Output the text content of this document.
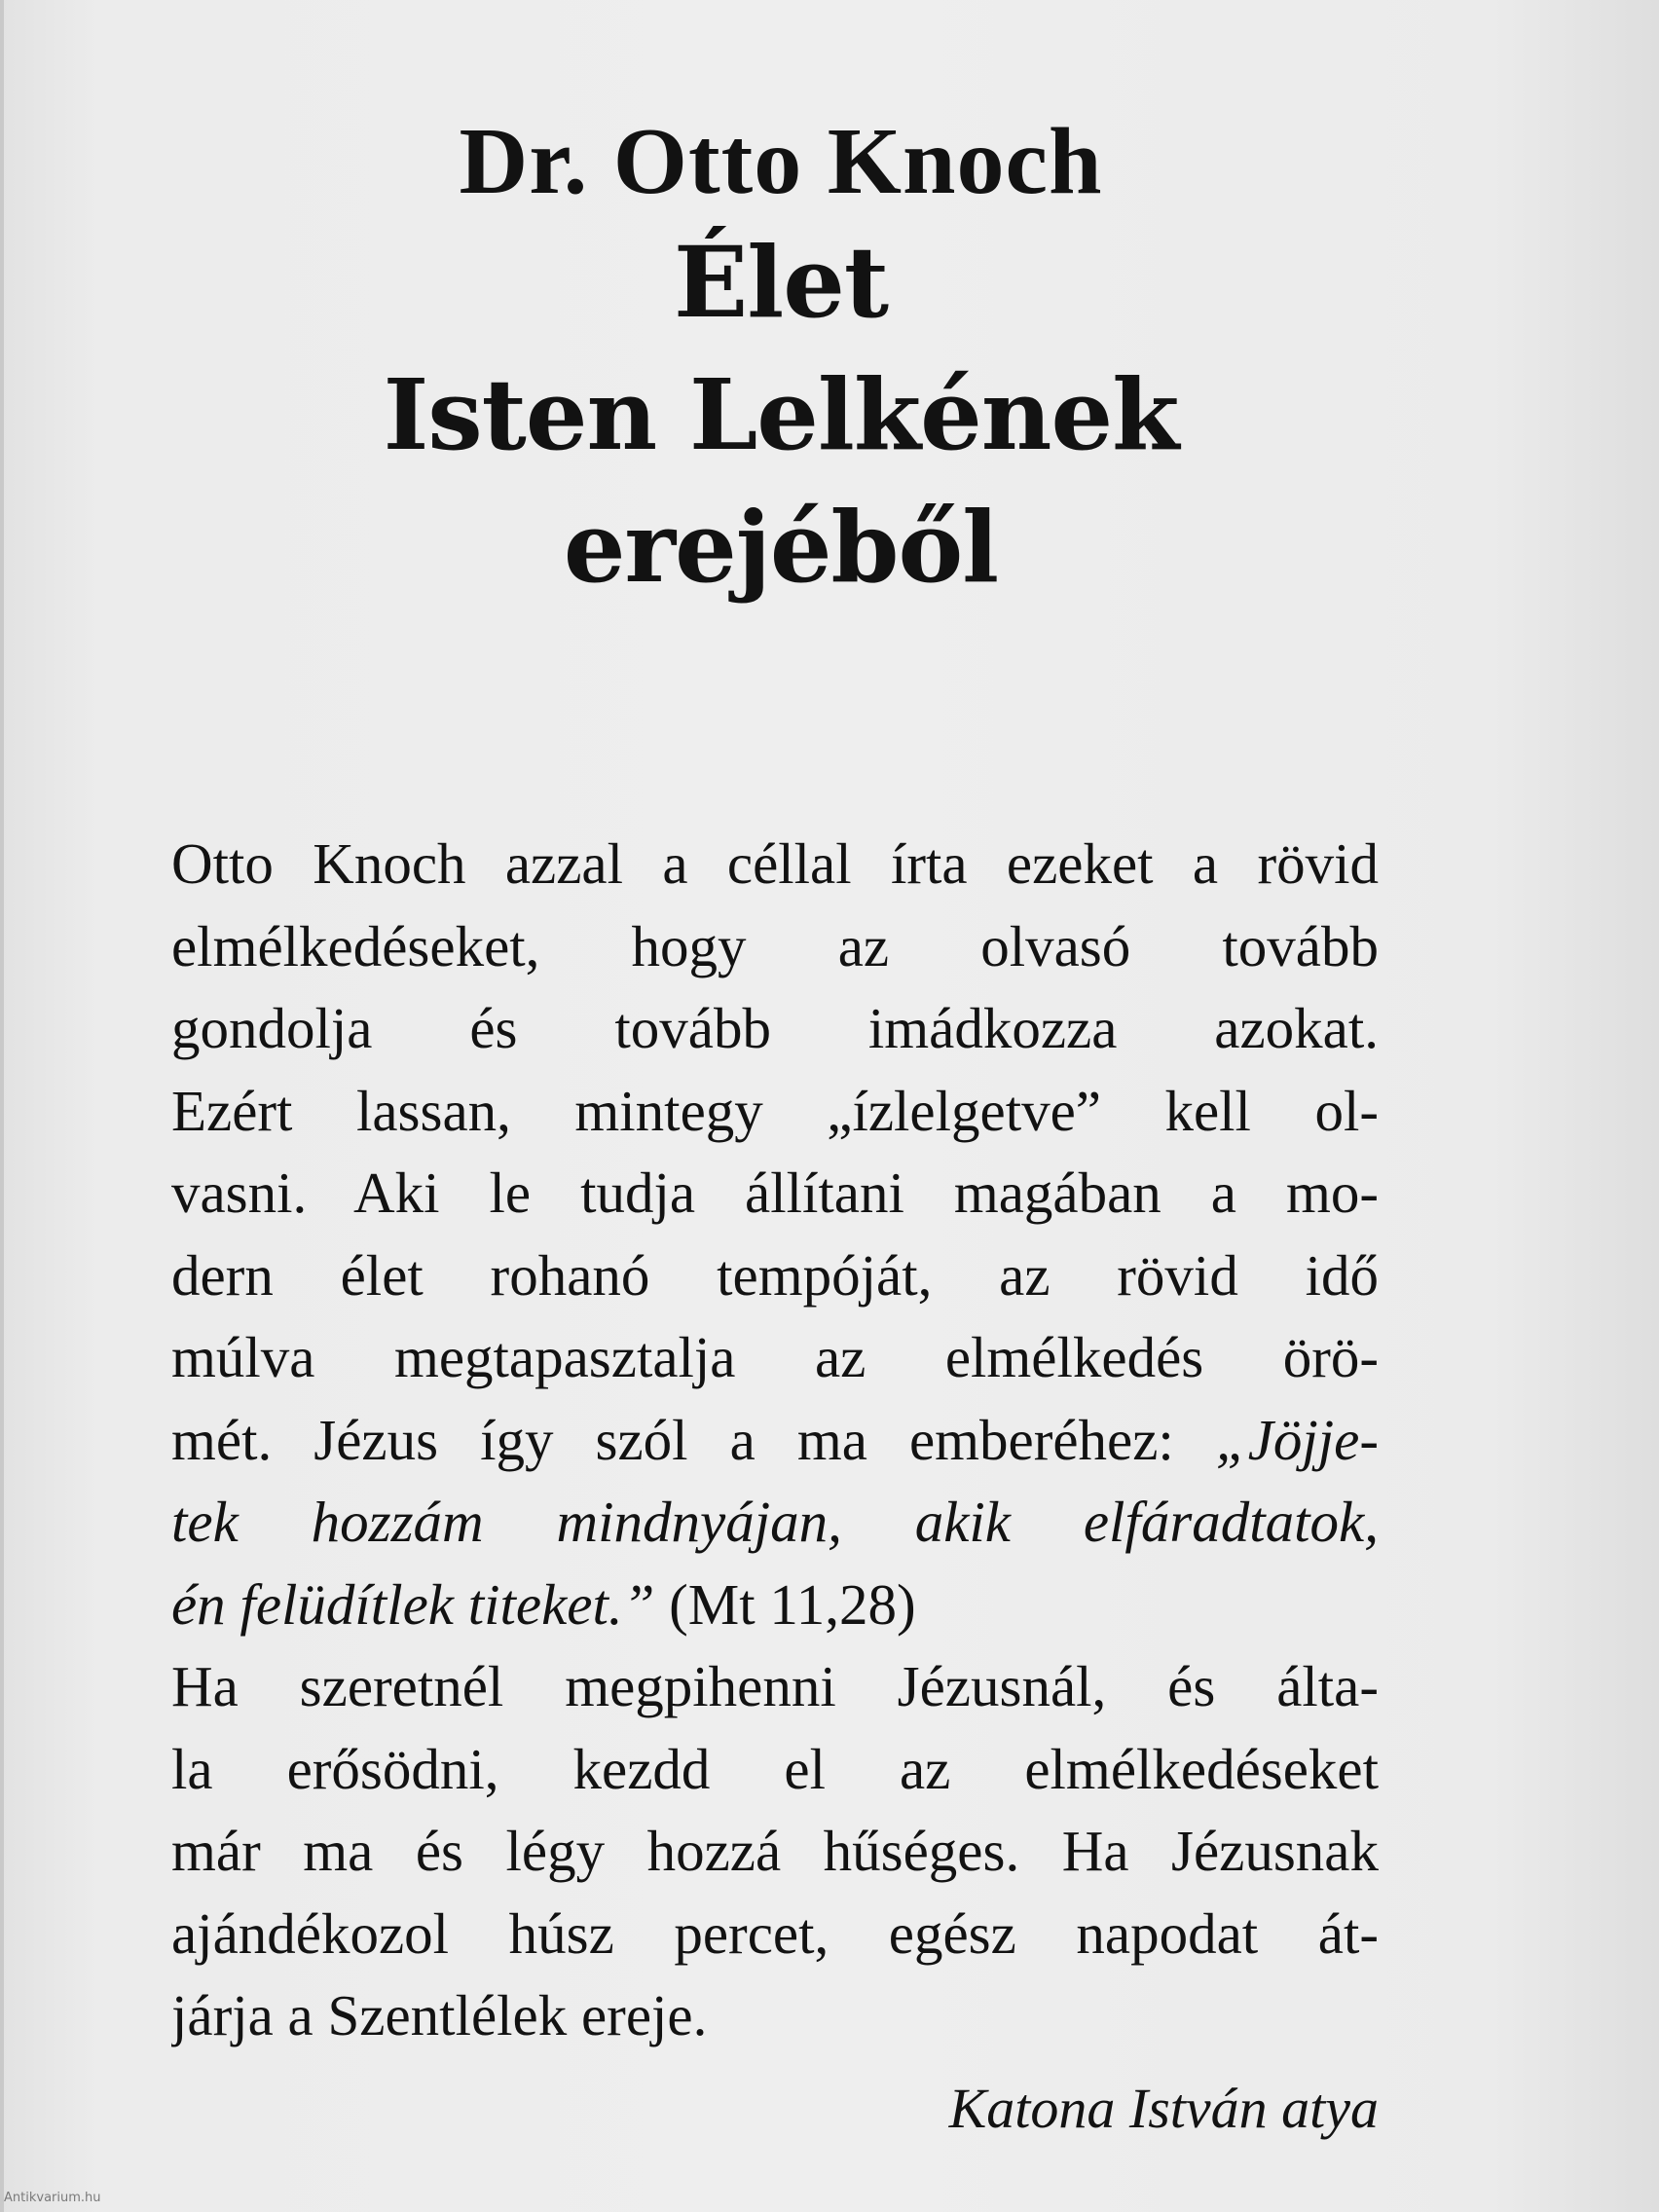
Dr. Otto Knoch

Élet

Isten Lelkének

erejéből

Otto Knoch azzal a céllal írta ezeket a rövid
elmélkedéseket, hogy az olvasó tovább
gondolja és tovább imádkozza azokat.
Ezért lassan, mintegy „ízlelgetve” kell ol-
vasni. Aki le tudja állítani magában a mo-
dern élet rohanó tempóját, az rövid idő
múlva megtapasztalja az elmélkedés örö-
mét. Jézus így szól a ma emberéhez: „Jöjje-
tek hozzám mindnyájan, akik elfáradtatok,
én felüdítlek titeket.” (Mt 11,28)
Ha szeretnél megpihenni Jézusnál, és álta-
la erősödni, kezdd el az elmélkedéseket
már ma és légy hozzá hűséges. Ha Jézusnak
ajándékozol húsz percet, egész napodat át-
járja a Szentlélek ereje.
Katona István atya
Antikvarium.hu
